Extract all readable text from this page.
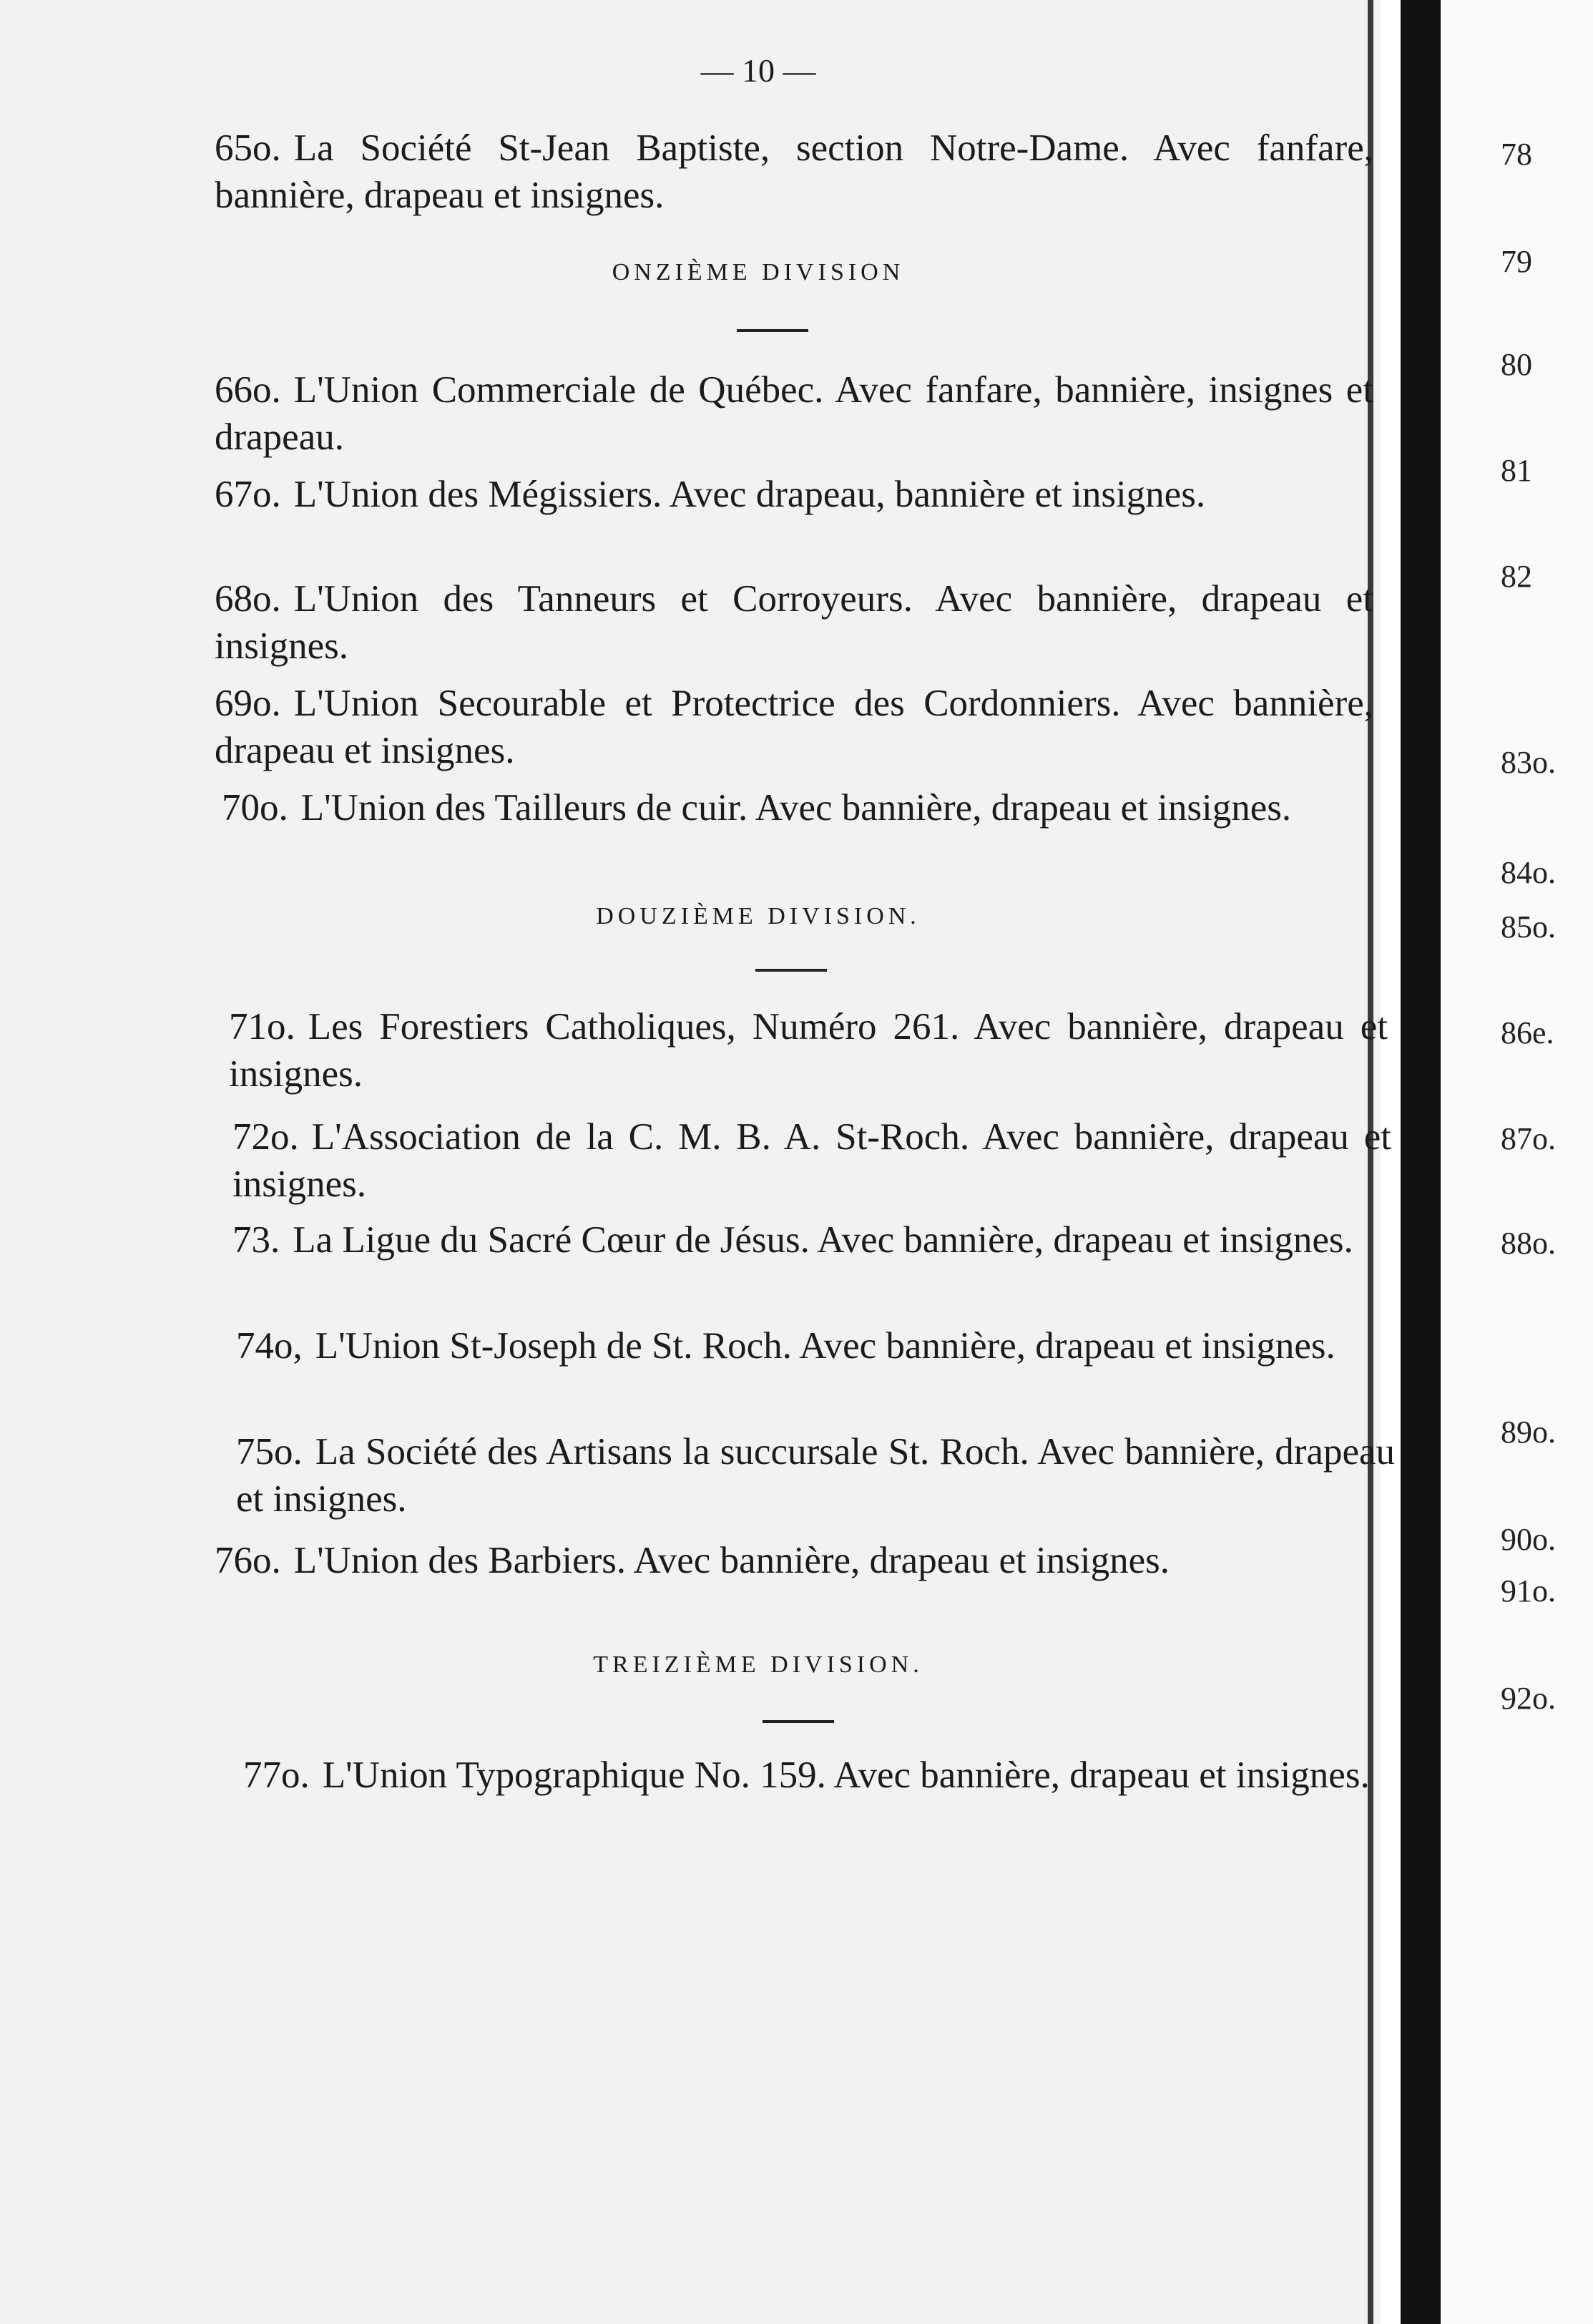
— 10 —
65o. La Société St-Jean Baptiste, section Notre-Dame. Avec fanfare, bannière, drapeau et insignes.
ONZIÈME DIVISION
66o. L'Union Commerciale de Québec. Avec fanfare, bannière, insignes et drapeau.
67o. L'Union des Mégissiers. Avec drapeau, bannière et insignes.
68o. L'Union des Tanneurs et Corroyeurs. Avec bannière, drapeau et insignes.
69o. L'Union Secourable et Protectrice des Cordonniers. Avec bannière, drapeau et insignes.
70o. L'Union des Tailleurs de cuir. Avec bannière, drapeau et insignes.
DOUZIÈME DIVISION.
71o. Les Forestiers Catholiques, Numéro 261. Avec bannière, drapeau et insignes.
72o. L'Association de la C. M. B. A. St-Roch. Avec bannière, drapeau et insignes.
73. La Ligue du Sacré Cœur de Jésus. Avec bannière, drapeau et insignes.
74o, L'Union St-Joseph de St. Roch. Avec bannière, drapeau et insignes.
75o. La Société des Artisans la succursale St. Roch. Avec bannière, drapeau et insignes.
76o. L'Union des Barbiers. Avec bannière, drapeau et insignes.
TREIZIÈME DIVISION.
77o. L'Union Typographique No. 159. Avec bannière, drapeau et insignes.
78
79
80
81
82
83o.
84o.
85o.
86e.
87o.
88o.
89o.
90o.
91o.
92o.
